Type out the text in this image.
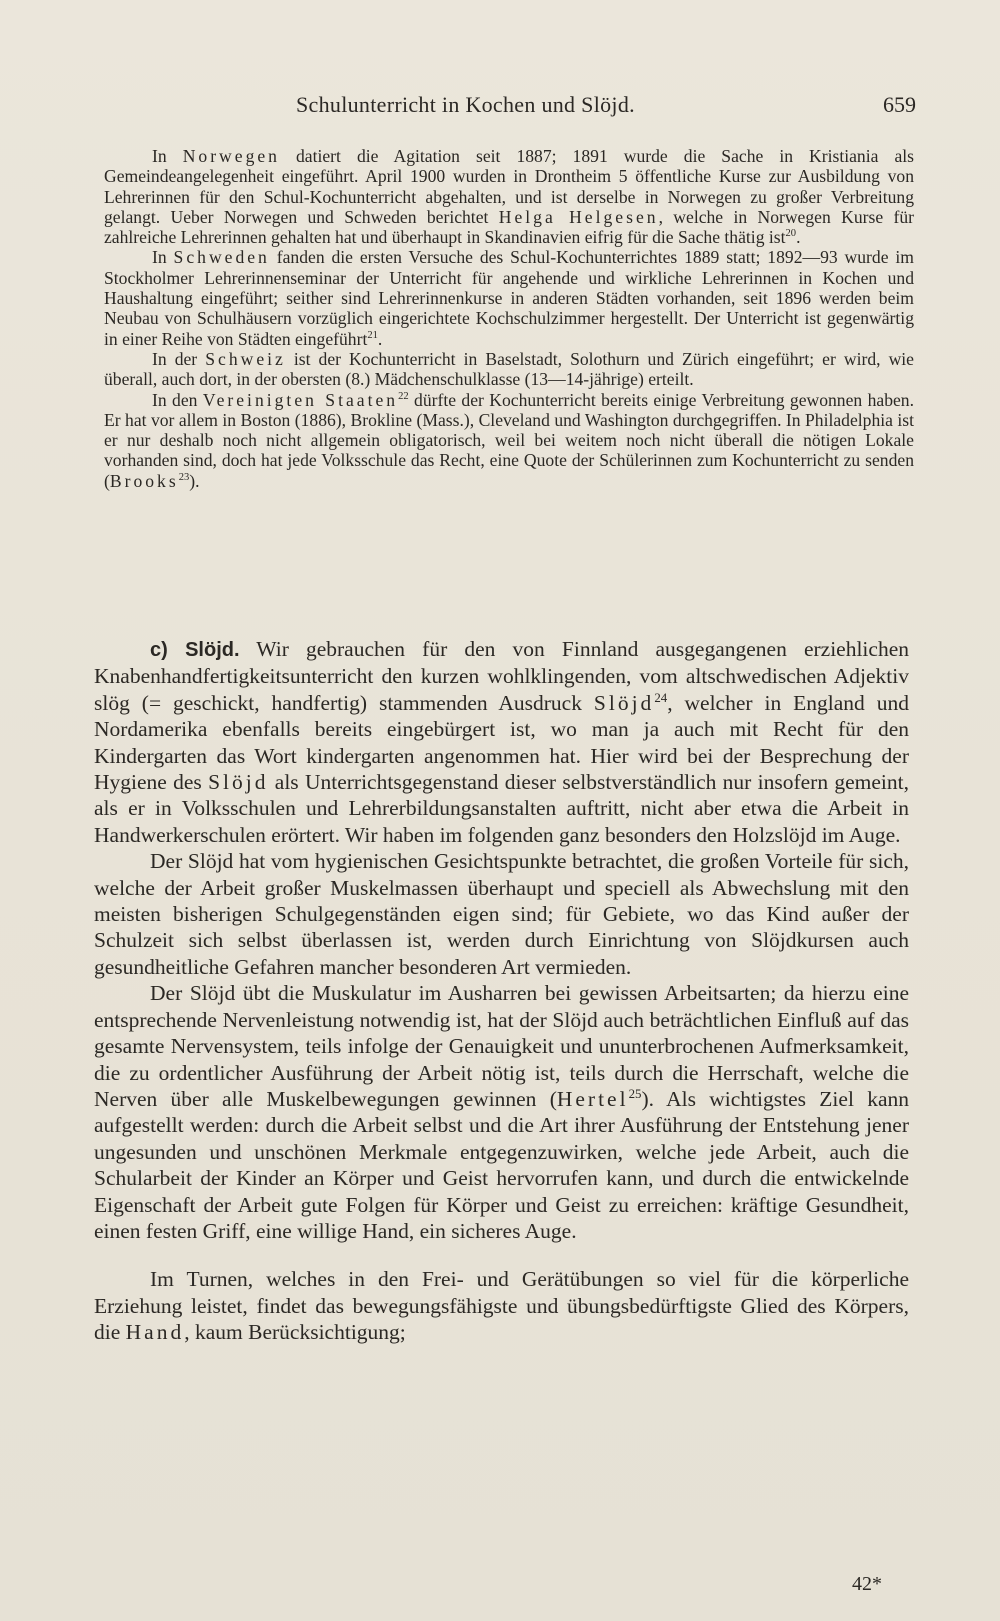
Schulunterricht in Kochen und Slöjd.	659

In Norwegen datiert die Agitation seit 1887; 1891 wurde die Sache in Kristiania als Gemeindeangelegenheit eingeführt. April 1900 wurden in Drontheim 5 öffentliche Kurse zur Ausbildung von Lehrerinnen für den Schul-Kochunterricht abgehalten, und ist derselbe in Norwegen zu großer Verbreitung gelangt. Ueber Norwegen und Schweden berichtet Helga Helgesen, welche in Norwegen Kurse für zahlreiche Lehrerinnen gehalten hat und überhaupt in Skandinavien eifrig für die Sache thätig ist$^{20}$.

In Schweden fanden die ersten Versuche des Schul-Kochunterrichtes 1889 statt; 1892—93 wurde im Stockholmer Lehrerinnenseminar der Unterricht für angehende und wirkliche Lehrerinnen in Kochen und Haushaltung eingeführt; seither sind Lehrerinnenkurse in anderen Städten vorhanden, seit 1896 werden beim Neubau von Schulhäusern vorzüglich eingerichtete Kochschulzimmer hergestellt. Der Unterricht ist gegenwärtig in einer Reihe von Städten eingeführt$^{21}$.

In der Schweiz ist der Kochunterricht in Baselstadt, Solothurn und Zürich eingeführt; er wird, wie überall, auch dort, in der obersten (8.) Mädchenschulklasse (13—14-jährige) erteilt.

In den Vereinigten Staaten$^{22}$ dürfte der Kochunterricht bereits einige Verbreitung gewonnen haben. Er hat vor allem in Boston (1886), Brokline (Mass.), Cleveland und Washington durchgegriffen. In Philadelphia ist er nur deshalb noch nicht allgemein obligatorisch, weil bei weitem noch nicht überall die nötigen Lokale vorhanden sind, doch hat jede Volksschule das Recht, eine Quote der Schülerinnen zum Kochunterricht zu senden (Brooks$^{23}$).

c) Slöjd. Wir gebrauchen für den von Finnland ausgegangenen erziehlichen Knabenhandfertigkeitsunterricht den kurzen wohlklingenden, vom altschwedischen Adjektiv slög (= geschickt, handfertig) stammenden Ausdruck Slöjd$^{24}$, welcher in England und Nordamerika ebenfalls bereits eingebürgert ist, wo man ja auch mit Recht für den Kindergarten das Wort kindergarten angenommen hat. Hier wird bei der Besprechung der Hygiene des Slöjd als Unterrichtsgegenstand dieser selbstverständlich nur insofern gemeint, als er in Volksschulen und Lehrerbildungsanstalten auftritt, nicht aber etwa die Arbeit in Handwerkerschulen erörtert. Wir haben im folgenden ganz besonders den Holzslöjd im Auge.

Der Slöjd hat vom hygienischen Gesichtspunkte betrachtet, die großen Vorteile für sich, welche der Arbeit großer Muskelmassen überhaupt und speciell als Abwechslung mit den meisten bisherigen Schulgegenständen eigen sind; für Gebiete, wo das Kind außer der Schulzeit sich selbst überlassen ist, werden durch Einrichtung von Slöjdkursen auch gesundheitliche Gefahren mancher besonderen Art vermieden.

Der Slöjd übt die Muskulatur im Ausharren bei gewissen Arbeitsarten; da hierzu eine entsprechende Nervenleistung notwendig ist, hat der Slöjd auch beträchtlichen Einfluß auf das gesamte Nervensystem, teils infolge der Genauigkeit und ununterbrochenen Aufmerksamkeit, die zu ordentlicher Ausführung der Arbeit nötig ist, teils durch die Herrschaft, welche die Nerven über alle Muskelbewegungen gewinnen (Hertel$^{25}$). Als wichtigstes Ziel kann aufgestellt werden: durch die Arbeit selbst und die Art ihrer Ausführung der Entstehung jener ungesunden und unschönen Merkmale entgegenzuwirken, welche jede Arbeit, auch die Schularbeit der Kinder an Körper und Geist hervorrufen kann, und durch die entwickelnde Eigenschaft der Arbeit gute Folgen für Körper und Geist zu erreichen: kräftige Gesundheit, einen festen Griff, eine willige Hand, ein sicheres Auge.

Im Turnen, welches in den Frei- und Gerätübungen so viel für die körperliche Erziehung leistet, findet das bewegungsfähigste und übungsbedürftigste Glied des Körpers, die Hand, kaum Berücksichtigung;

42*
